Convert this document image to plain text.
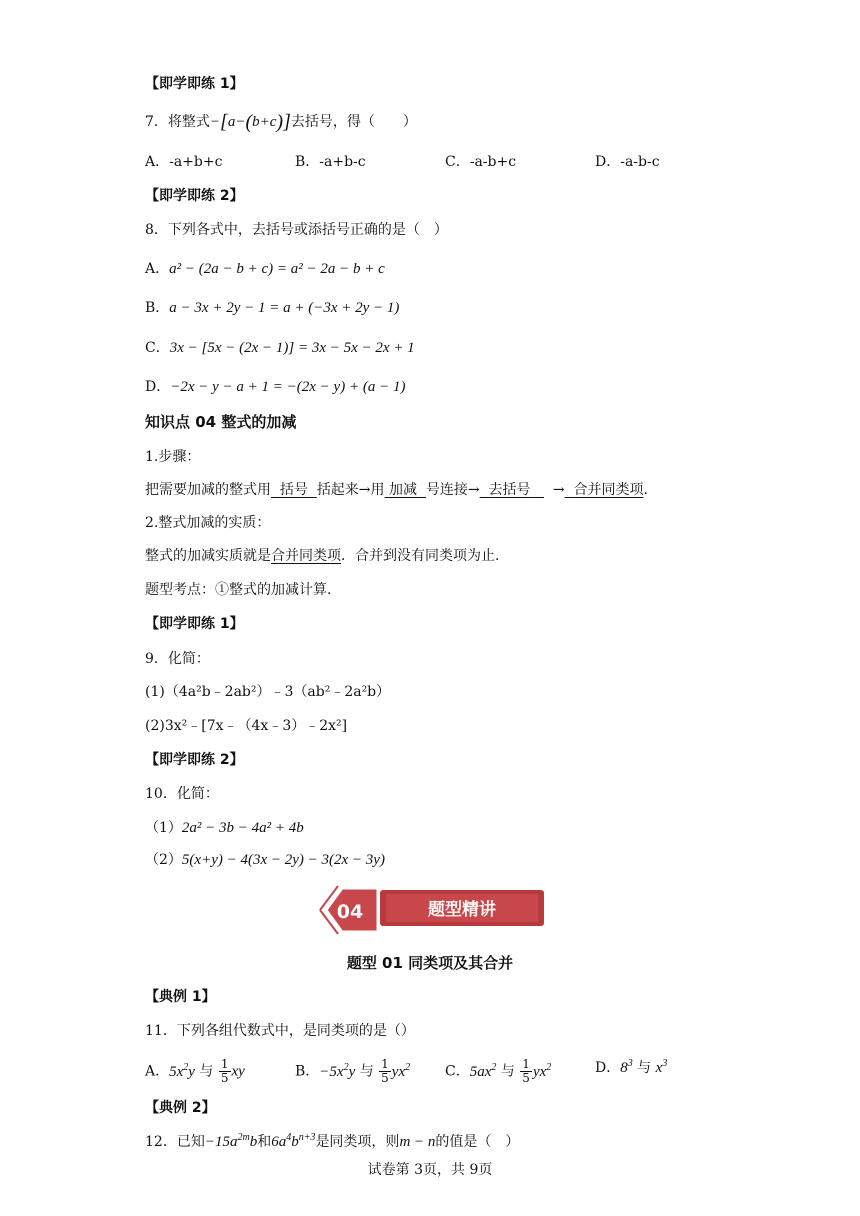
【即学即练 1】
7．将整式−[a−(b+c)]去括号，得（　　）
A．-a+b+c	B．-a+b-c	C．-a-b+c	D．-a-b-c
【即学即练 2】
8．下列各式中，去括号或添括号正确的是（　）
A．a² − (2a − b + c) = a² − 2a − b + c
B．a − 3x + 2y − 1 = a + (−3x + 2y − 1)
C．3x − [5x − (2x − 1)] = 3x − 5x − 2x + 1
D．−2x − y − a + 1 = −(2x − y) + (a − 1)
知识点 04 整式的加减
1.步骤：
把需要加减的整式用 括号 括起来→用 加减 号连接→ 去括号 → 合并同类项.
2.整式加减的实质：
整式的加减实质就是合并同类项．合并到没有同类项为止.
题型考点：①整式的加减计算.
【即学即练 1】
9．化简：
(1)（4a²b﹣2ab²）﹣3（ab²﹣2a²b）
(2)3x²﹣[7x﹣（4x﹣3）﹣2x²]
【即学即练 2】
10．化简：
（1）2a² − 3b − 4a² + 4b
（2）5(x+y) − 4(3x − 2y) − 3(2x − 3y)
04	题型精讲
题型 01 同类项及其合并
【典例 1】
11．下列各组代数式中，是同类项的是（）
A．$5x^2y$ 与 $\frac{1}{5}$ xy	B．$-5x^2y$ 与 $\frac{1}{5} yx^2$ C．$5ax^2$ 与 $\frac{1}{5} yx^2$	D．$8^3$ 与 $x^3$
【典例 2】
12．已知$-15a^{2m}b$和$6a^4b^{n+3}$是同类项，则m − n的值是（　）
试卷第 3页，共 9页
